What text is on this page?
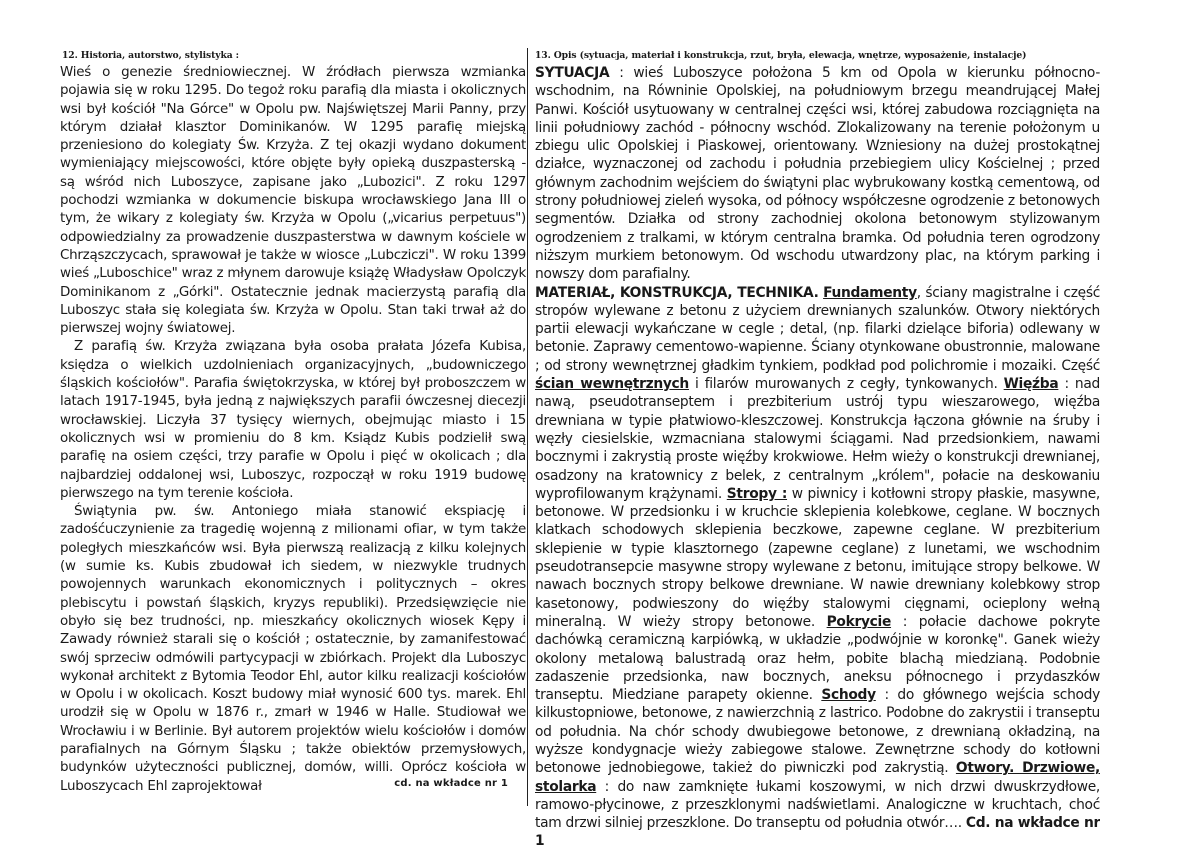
12. Historia, autorstwo, stylistyka :

Wieś o genezie średniowiecznej. W źródłach pierwsza wzmianka pojawia się w roku 1295. Do tegoż roku parafią dla miasta i okolicznych wsi był kościół "Na Górce" w Opolu pw. Najświętszej Marii Panny, przy którym działał klasztor Dominikanów. W 1295 parafię miejską przeniesiono do kolegiaty Św. Krzyża. Z tej okazji wydano dokument wymieniający miejscowości, które objęte były opieką duszpasterską - są wśród nich Luboszyce, zapisane jako „Lubozici". Z roku 1297 pochodzi wzmianka w dokumencie biskupa wrocławskiego Jana III o tym, że wikary z kolegiaty św. Krzyża w Opolu („vicarius perpetuus") odpowiedzialny za prowadzenie duszpasterstwa w dawnym kościele w Chrząszczycach, sprawował je także w wiosce „Lubcziczi". W roku 1399 wieś „Luboschice" wraz z młynem darowuje książę Władysław Opolczyk Dominikanom z „Górki". Ostatecznie jednak macierzystą parafią dla Luboszyc stała się kolegiata św. Krzyża w Opolu. Stan taki trwał aż do pierwszej wojny światowej.

Z parafią św. Krzyża związana była osoba prałata Józefa Kubisa, księdza o wielkich uzdolnieniach organizacyjnych, „budowniczego śląskich kościołów". Parafia świętokrzyska, w której był proboszczem w latach 1917-1945, była jedną z największych parafii ówczesnej diecezji wrocławskiej. Liczyła 37 tysięcy wiernych, obejmując miasto i 15 okolicznych wsi w promieniu do 8 km. Ksiądz Kubis podzielił swą parafię na osiem części, trzy parafie w Opolu i pięć w okolicach ; dla najbardziej oddalonej wsi, Luboszyc, rozpoczął w roku 1919 budowę pierwszego na tym terenie kościoła.

Świątynia pw. św. Antoniego miała stanowić ekspiację i zadośćuczynienie za tragedię wojenną z milionami ofiar, w tym także poległych mieszkańców wsi. Była pierwszą realizacją z kilku kolejnych (w sumie ks. Kubis zbudował ich siedem, w niezwykle trudnych powojennych warunkach ekonomicznych i politycznych – okres plebiscytu i powstań śląskich, kryzys republiki). Przedsięwzięcie nie obyło się bez trudności, np. mieszkańcy okolicznych wiosek Kępy i Zawady również starali się o kościół ; ostatecznie, by zamanifestować swój sprzeciw odmówili partycypacji w zbiórkach. Projekt dla Luboszyc wykonał architekt z Bytomia Teodor Ehl, autor kilku realizacji kościołów w Opolu i w okolicach. Koszt budowy miał wynosić 600 tys. marek. Ehl urodził się w Opolu w 1876 r., zmarł w 1946 w Halle. Studiował we Wrocławiu i w Berlinie. Był autorem projektów wielu kościołów i domów parafialnych na Górnym Śląsku ; także obiektów przemysłowych, budynków użyteczności publicznej, domów, willi. Oprócz kościoła w Luboszycach Ehl zaprojektował	cd. na wkładce nr 1
13. Opis (sytuacja, materiał i konstrukcja, rzut, bryła, elewacja, wnętrze, wyposażenie, instalacje)

SYTUACJA : wieś Luboszyce położona 5 km od Opola w kierunku północno-wschodnim, na Równinie Opolskiej, na południowym brzegu meandrującej Małej Panwi. Kościół usytuowany w centralnej części wsi, której zabudowa rozciągnięta na linii południowy zachód - północny wschód. Zlokalizowany na terenie położonym u zbiegu ulic Opolskiej i Piaskowej, orientowany. Wzniesiony na dużej prostokątnej działce, wyznaczonej od zachodu i południa przebiegiem ulicy Kościelnej ; przed głównym zachodnim wejściem do świątyni plac wybrukowany kostką cementową, od strony południowej zieleń wysoka, od północy współczesne ogrodzenie z betonowych segmentów. Działka od strony zachodniej okolona betonowym stylizowanym ogrodzeniem z tralkami, w którym centralna bramka. Od południa teren ogrodzony niższym murkiem betonowym. Od wschodu utwardzony plac, na którym parking i nowszy dom parafialny.

MATERIAŁ, KONSTRUKCJA, TECHNIKA. Fundamenty, ściany magistralne i część stropów wylewane z betonu z użyciem drewnianych szalunków. Otwory niektórych partii elewacji wykańczane w cegle ; detal, (np. filarki dzielące biforia) odlewany w betonie. Zaprawy cementowo-wapienne. Ściany otynkowane obustronnie, malowane ; od strony wewnętrznej gładkim tynkiem, podkład pod polichromie i mozaiki. Część ścian wewnętrznych i filarów murowanych z cegły, tynkowanych. Więźba : nad nawą, pseudotranseptem i prezbiterium ustrój typu wieszarowego, więźba drewniana w typie płatwiowo-kleszczowej. Konstrukcja łączona głównie na śruby i węzły ciesielskie, wzmacniana stalowymi ściągami. Nad przedsionkiem, nawami bocznymi i zakrystią proste więźby krokwiowe. Hełm wieży o konstrukcji drewnianej, osadzony na kratownicy z belek, z centralnym „królem", połacie na deskowaniu wyprofilowanym krążynami. Stropy : w piwnicy i kotłowni stropy płaskie, masywne, betonowe. W przedsionku i w kruchcie sklepienia kolebkowe, ceglane. W bocznych klatkach schodowych sklepienia beczkowe, zapewne ceglane. W prezbiterium sklepienie w typie klasztornego (zapewne ceglane) z lunetami, we wschodnim pseudotransepcie masywne stropy wylewane z betonu, imitujące stropy belkowe. W nawach bocznych stropy belkowe drewniane. W nawie drewniany kolebkowy strop kasetonowy, podwieszony do więźby stalowymi cięgnami, ocieplony wełną mineralną. W wieży stropy betonowe. Pokrycie : połacie dachowe pokryte dachówką ceramiczną karpiówką, w układzie „podwójnie w koronkę". Ganek wieży okolony metalową balustradą oraz hełm, pobite blachą miedzianą. Podobnie zadaszenie przedsionka, naw bocznych, aneksu północnego i przydaszków transeptu. Miedziane parapety okienne. Schody : do głównego wejścia schody kilkustopniowe, betonowe, z nawierzchnią z lastrico. Podobne do zakrystii i transeptu od południa. Na chór schody dwubiegowe betonowe, z drewnianą okładziną, na wyższe kondygnacje wieży zabiegowe stalowe. Zewnętrzne schody do kotłowni betonowe jednobiegowe, takież do piwniczki pod zakrystią. Otwory. Drzwiowe, stolarka : do naw zamknięte łukami koszowymi, w nich drzwi dwuskrzydłowe, ramowo-płycinowe, z przeszklonymi nadświetlami. Analogiczne w kruchtach, choć tam drzwi silniej przeszklone. Do transeptu od południa otwór…. Cd. na wkładce nr 1
